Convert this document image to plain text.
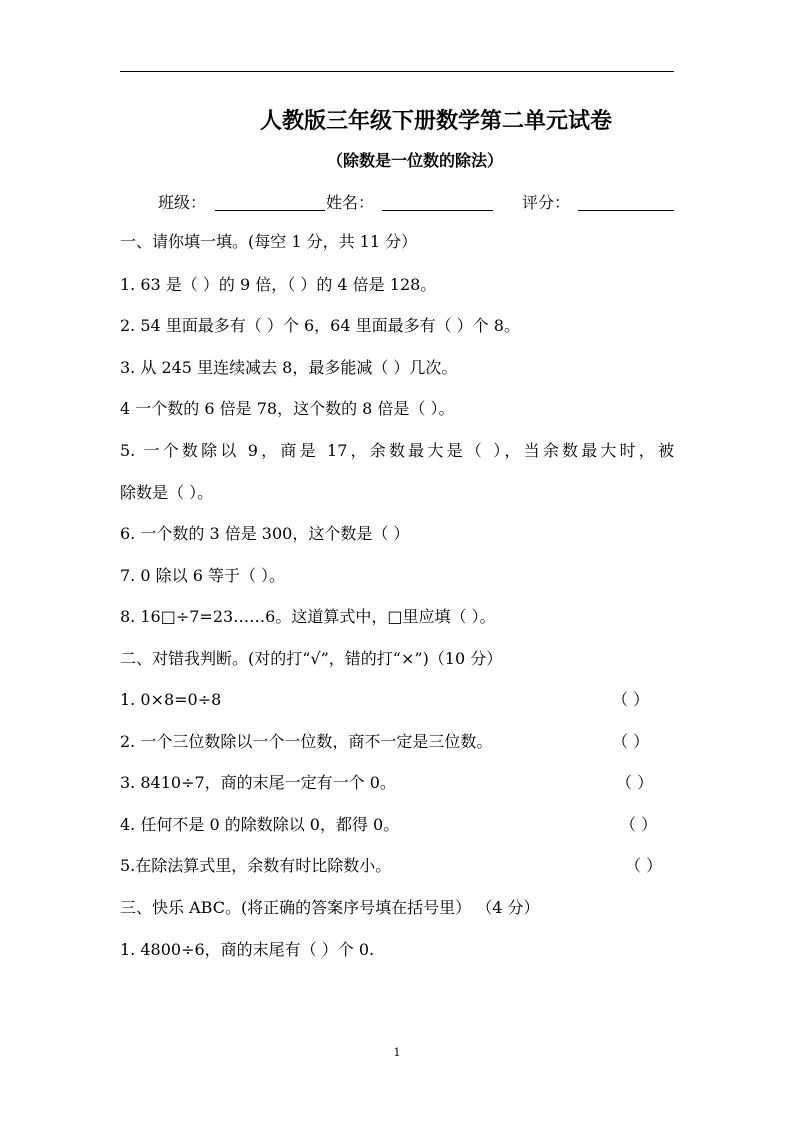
人教版三年级下册数学第二单元试卷
（除数是一位数的除法）
班级：	姓名：	评分：
一、请你填一填。(每空 1 分，共 11 分）
1. 63 是（ ）的 9 倍，（ ）的 4 倍是 128。
2. 54 里面最多有（ ）个 6，64 里面最多有（ ）个 8。
3. 从 245 里连续减去 8，最多能减（ ）几次。
4 一个数的 6 倍是 78，这个数的 8 倍是（ ）。
5. 一个数除以 9，商是 17，余数最大是（ ），当余数最大时，被
除数是（ ）。
6. 一个数的 3 倍是 300，这个数是（ ）
7. 0 除以 6 等于（ ）。
8. 16□÷7=23……6。这道算式中，□里应填（ ）。
二、对错我判断。(对的打“√”，错的打“×”)（10 分）
1. 0×8=0÷8	（ ）
2. 一个三位数除以一个一位数，商不一定是三位数。	（ ）
3. 8410÷7，商的末尾一定有一个 0。	（ ）
4. 任何不是 0 的除数除以 0，都得 0。	（ ）
5.在除法算式里，余数有时比除数小。	（ ）
三、快乐 ABC。(将正确的答案序号填在括号里） （4 分）
1. 4800÷6，商的末尾有（ ）个 0.
1
